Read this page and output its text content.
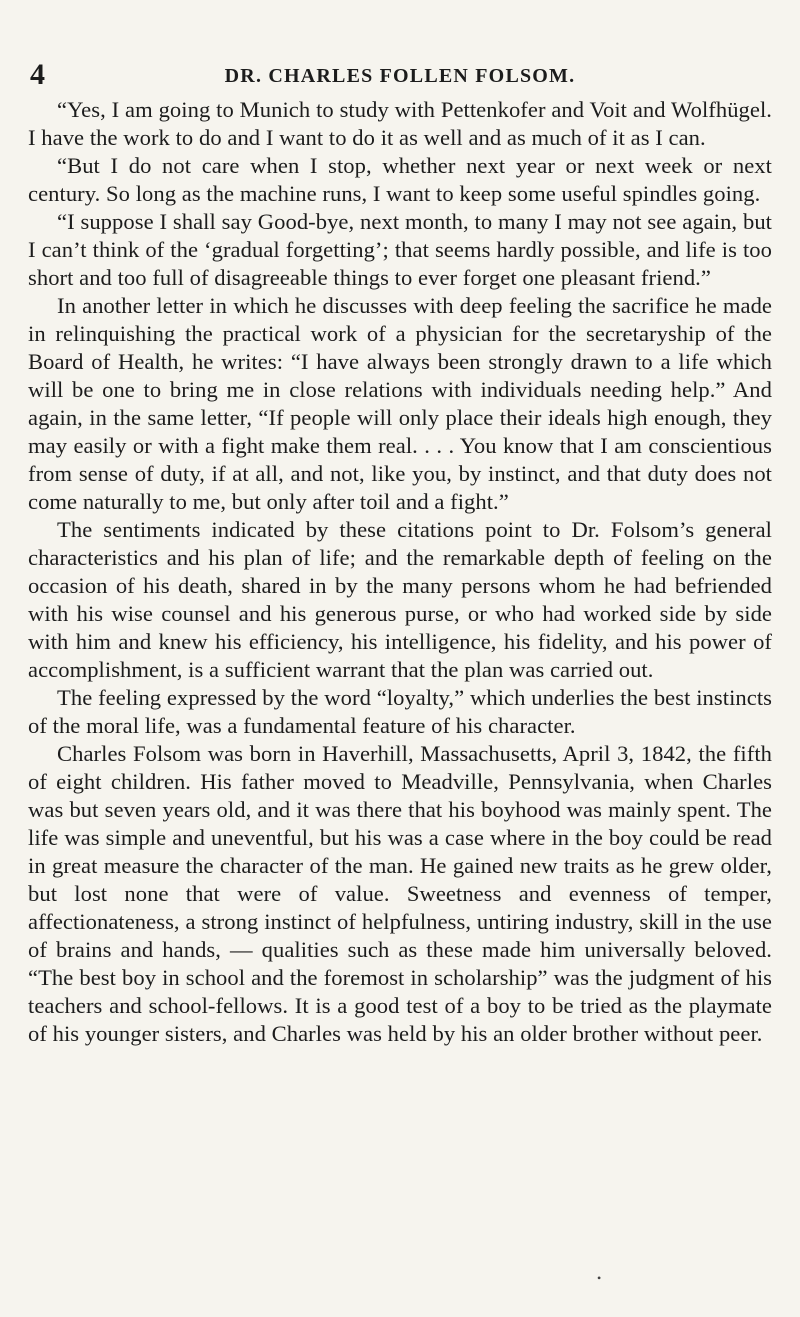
4	DR. CHARLES FOLLEN FOLSOM.

“Yes, I am going to Munich to study with Pettenkofer and Voit and Wolfhügel. I have the work to do and I want to do it as well and as much of it as I can.

“But I do not care when I stop, whether next year or next week or next century. So long as the machine runs, I want to keep some useful spindles going.

“I suppose I shall say Good-bye, next month, to many I may not see again, but I can’t think of the ‘gradual forgetting’; that seems hardly possible, and life is too short and too full of disagreeable things to ever forget one pleasant friend.”

In another letter in which he discusses with deep feeling the sacrifice he made in relinquishing the practical work of a physician for the secretaryship of the Board of Health, he writes: “I have always been strongly drawn to a life which will be one to bring me in close relations with individuals needing help.” And again, in the same letter, “If people will only place their ideals high enough, they may easily or with a fight make them real. . . . You know that I am conscientious from sense of duty, if at all, and not, like you, by instinct, and that duty does not come naturally to me, but only after toil and a fight.”

The sentiments indicated by these citations point to Dr. Folsom’s general characteristics and his plan of life; and the remarkable depth of feeling on the occasion of his death, shared in by the many persons whom he had befriended with his wise counsel and his generous purse, or who had worked side by side with him and knew his efficiency, his intelligence, his fidelity, and his power of accomplishment, is a sufficient warrant that the plan was carried out.

The feeling expressed by the word “loyalty,” which underlies the best instincts of the moral life, was a fundamental feature of his character.

Charles Folsom was born in Haverhill, Massachusetts, April 3, 1842, the fifth of eight children. His father moved to Meadville, Pennsylvania, when Charles was but seven years old, and it was there that his boyhood was mainly spent. The life was simple and uneventful, but his was a case where in the boy could be read in great measure the character of the man. He gained new traits as he grew older, but lost none that were of value. Sweetness and evenness of temper, affectionateness, a strong instinct of helpfulness, untiring industry, skill in the use of brains and hands, — qualities such as these made him universally beloved. “The best boy in school and the foremost in scholarship” was the judgment of his teachers and school-fellows. It is a good test of a boy to be tried as the playmate of his younger sisters, and Charles was held by his an older brother without peer.

•
